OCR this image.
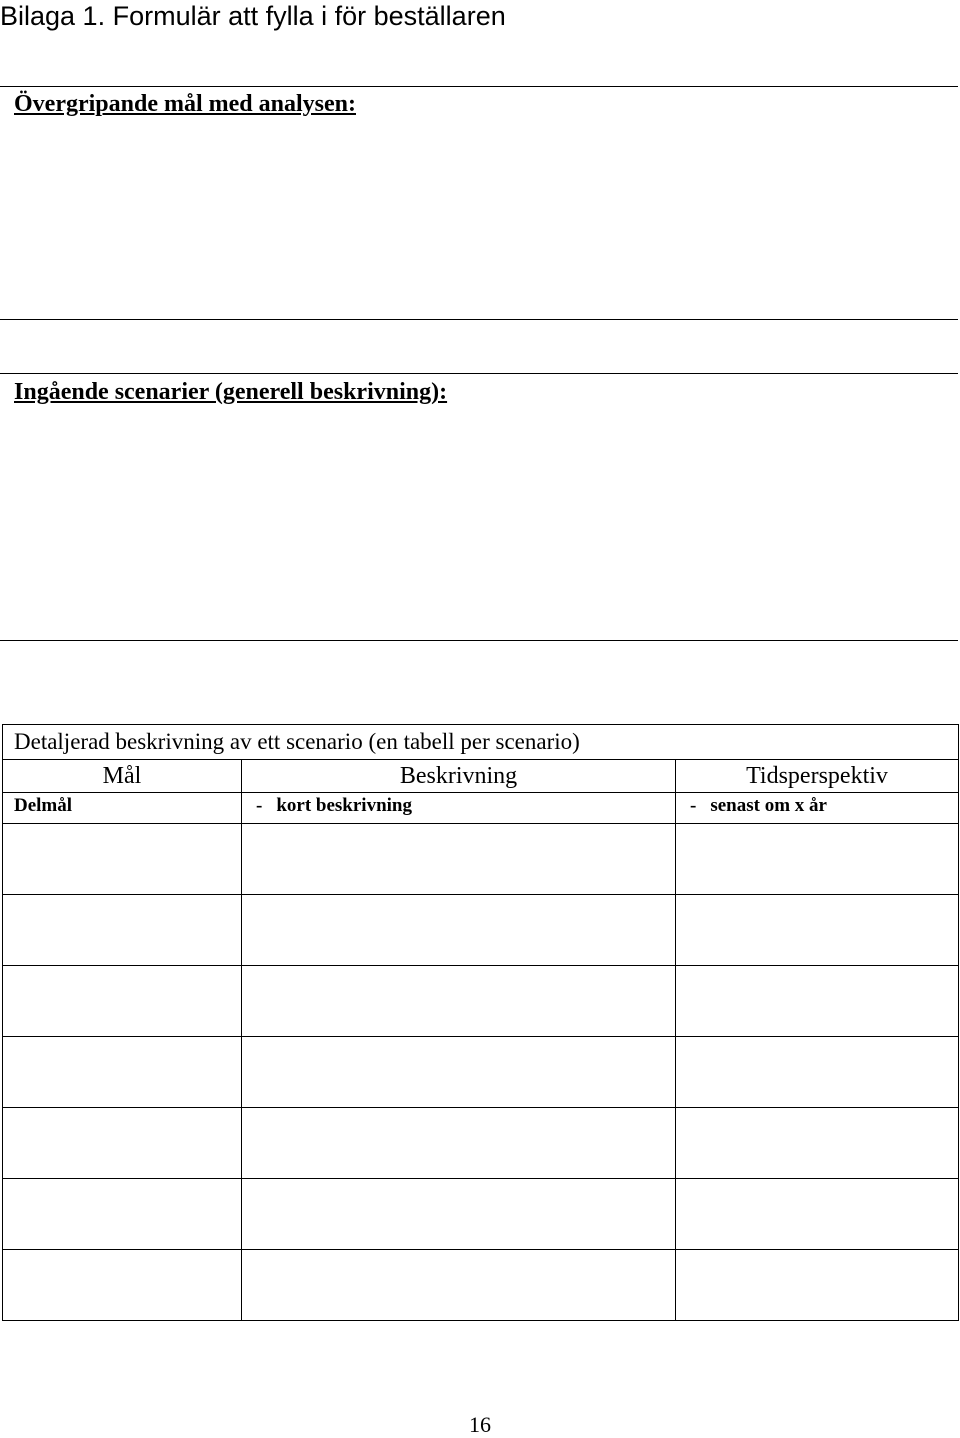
Bilaga 1. Formulär att fylla i för beställaren

Övergripande mål med analysen:

Ingående scenarier (generell beskrivning):

Detaljerad beskrivning av ett scenario (en tabell per scenario)		
Mål	Beskrivning	Tidsperspektiv
Delmål	- kort beskrivning	- senast om x år

16
